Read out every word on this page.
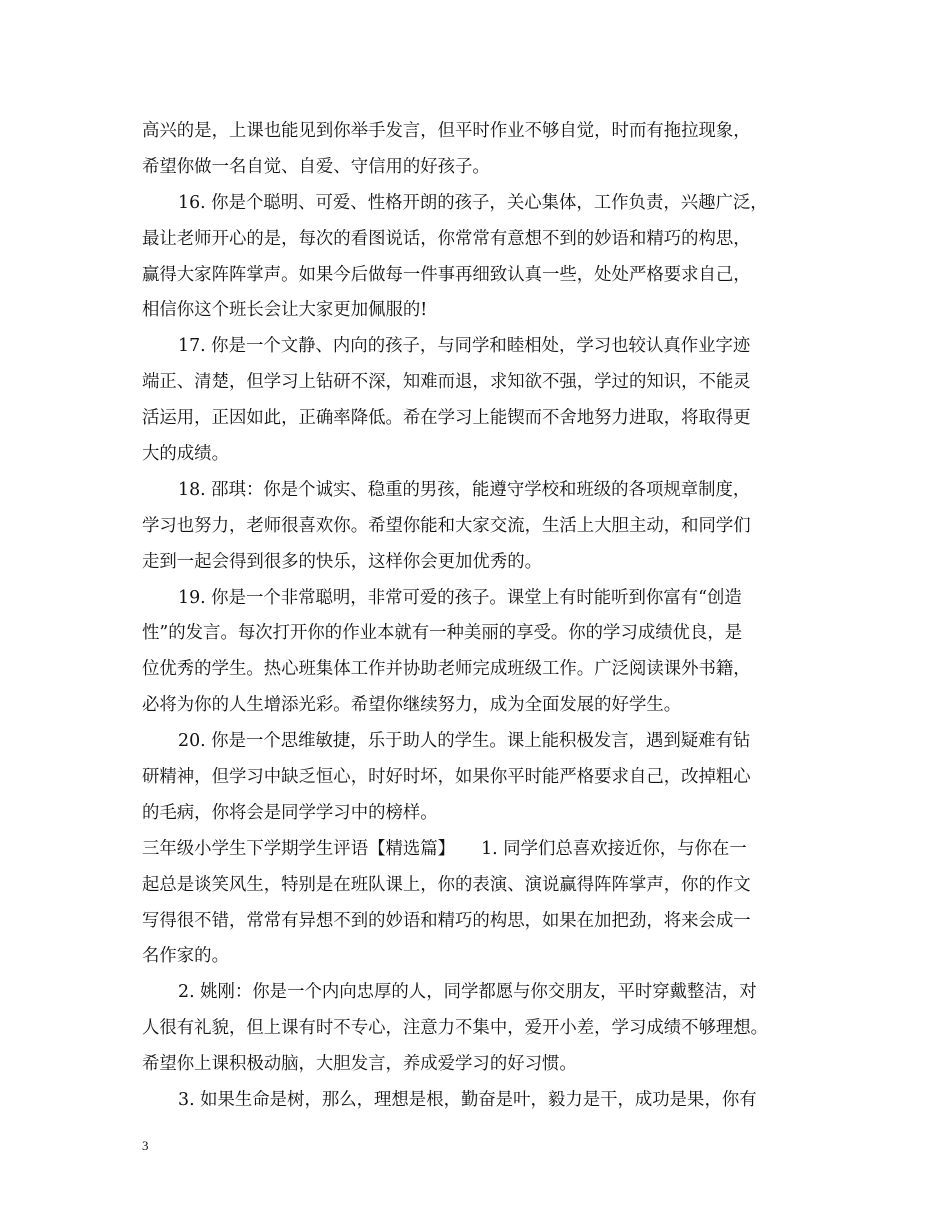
高兴的是，上课也能见到你举手发言，但平时作业不够自觉，时而有拖拉现象，
希望你做一名自觉、自爱、守信用的好孩子。
16. 你是个聪明、可爱、性格开朗的孩子，关心集体，工作负责，兴趣广泛，
最让老师开心的是，每次的看图说话，你常常有意想不到的妙语和精巧的构思，
赢得大家阵阵掌声。如果今后做每一件事再细致认真一些，处处严格要求自己，
相信你这个班长会让大家更加佩服的!
17. 你是一个文静、内向的孩子，与同学和睦相处，学习也较认真作业字迹
端正、清楚，但学习上钻研不深，知难而退，求知欲不强，学过的知识，不能灵
活运用，正因如此，正确率降低。希在学习上能锲而不舍地努力进取，将取得更
大的成绩。
18. 邵琪：你是个诚实、稳重的男孩，能遵守学校和班级的各项规章制度，
学习也努力，老师很喜欢你。希望你能和大家交流，生活上大胆主动，和同学们
走到一起会得到很多的快乐，这样你会更加优秀的。
19. 你是一个非常聪明，非常可爱的孩子。课堂上有时能听到你富有“创造
性”的发言。每次打开你的作业本就有一种美丽的享受。你的学习成绩优良，是
位优秀的学生。热心班集体工作并协助老师完成班级工作。广泛阅读课外书籍，
必将为你的人生增添光彩。希望你继续努力，成为全面发展的好学生。
20. 你是一个思维敏捷，乐于助人的学生。课上能积极发言，遇到疑难有钻
研精神，但学习中缺乏恒心，时好时坏，如果你平时能严格要求自己，改掉粗心
的毛病，你将会是同学学习中的榜样。
三年级小学生下学期学生评语【精选篇】　　1. 同学们总喜欢接近你，与你在一
起总是谈笑风生，特别是在班队课上，你的表演、演说赢得阵阵掌声，你的作文
写得很不错，常常有异想不到的妙语和精巧的构思，如果在加把劲，将来会成一
名作家的。
2. 姚刚：你是一个内向忠厚的人，同学都愿与你交朋友，平时穿戴整洁，对
人很有礼貌，但上课有时不专心，注意力不集中，爱开小差，学习成绩不够理想。
希望你上课积极动脑，大胆发言，养成爱学习的好习惯。
3. 如果生命是树，那么，理想是根，勤奋是叶，毅力是干，成功是果，你有
3
